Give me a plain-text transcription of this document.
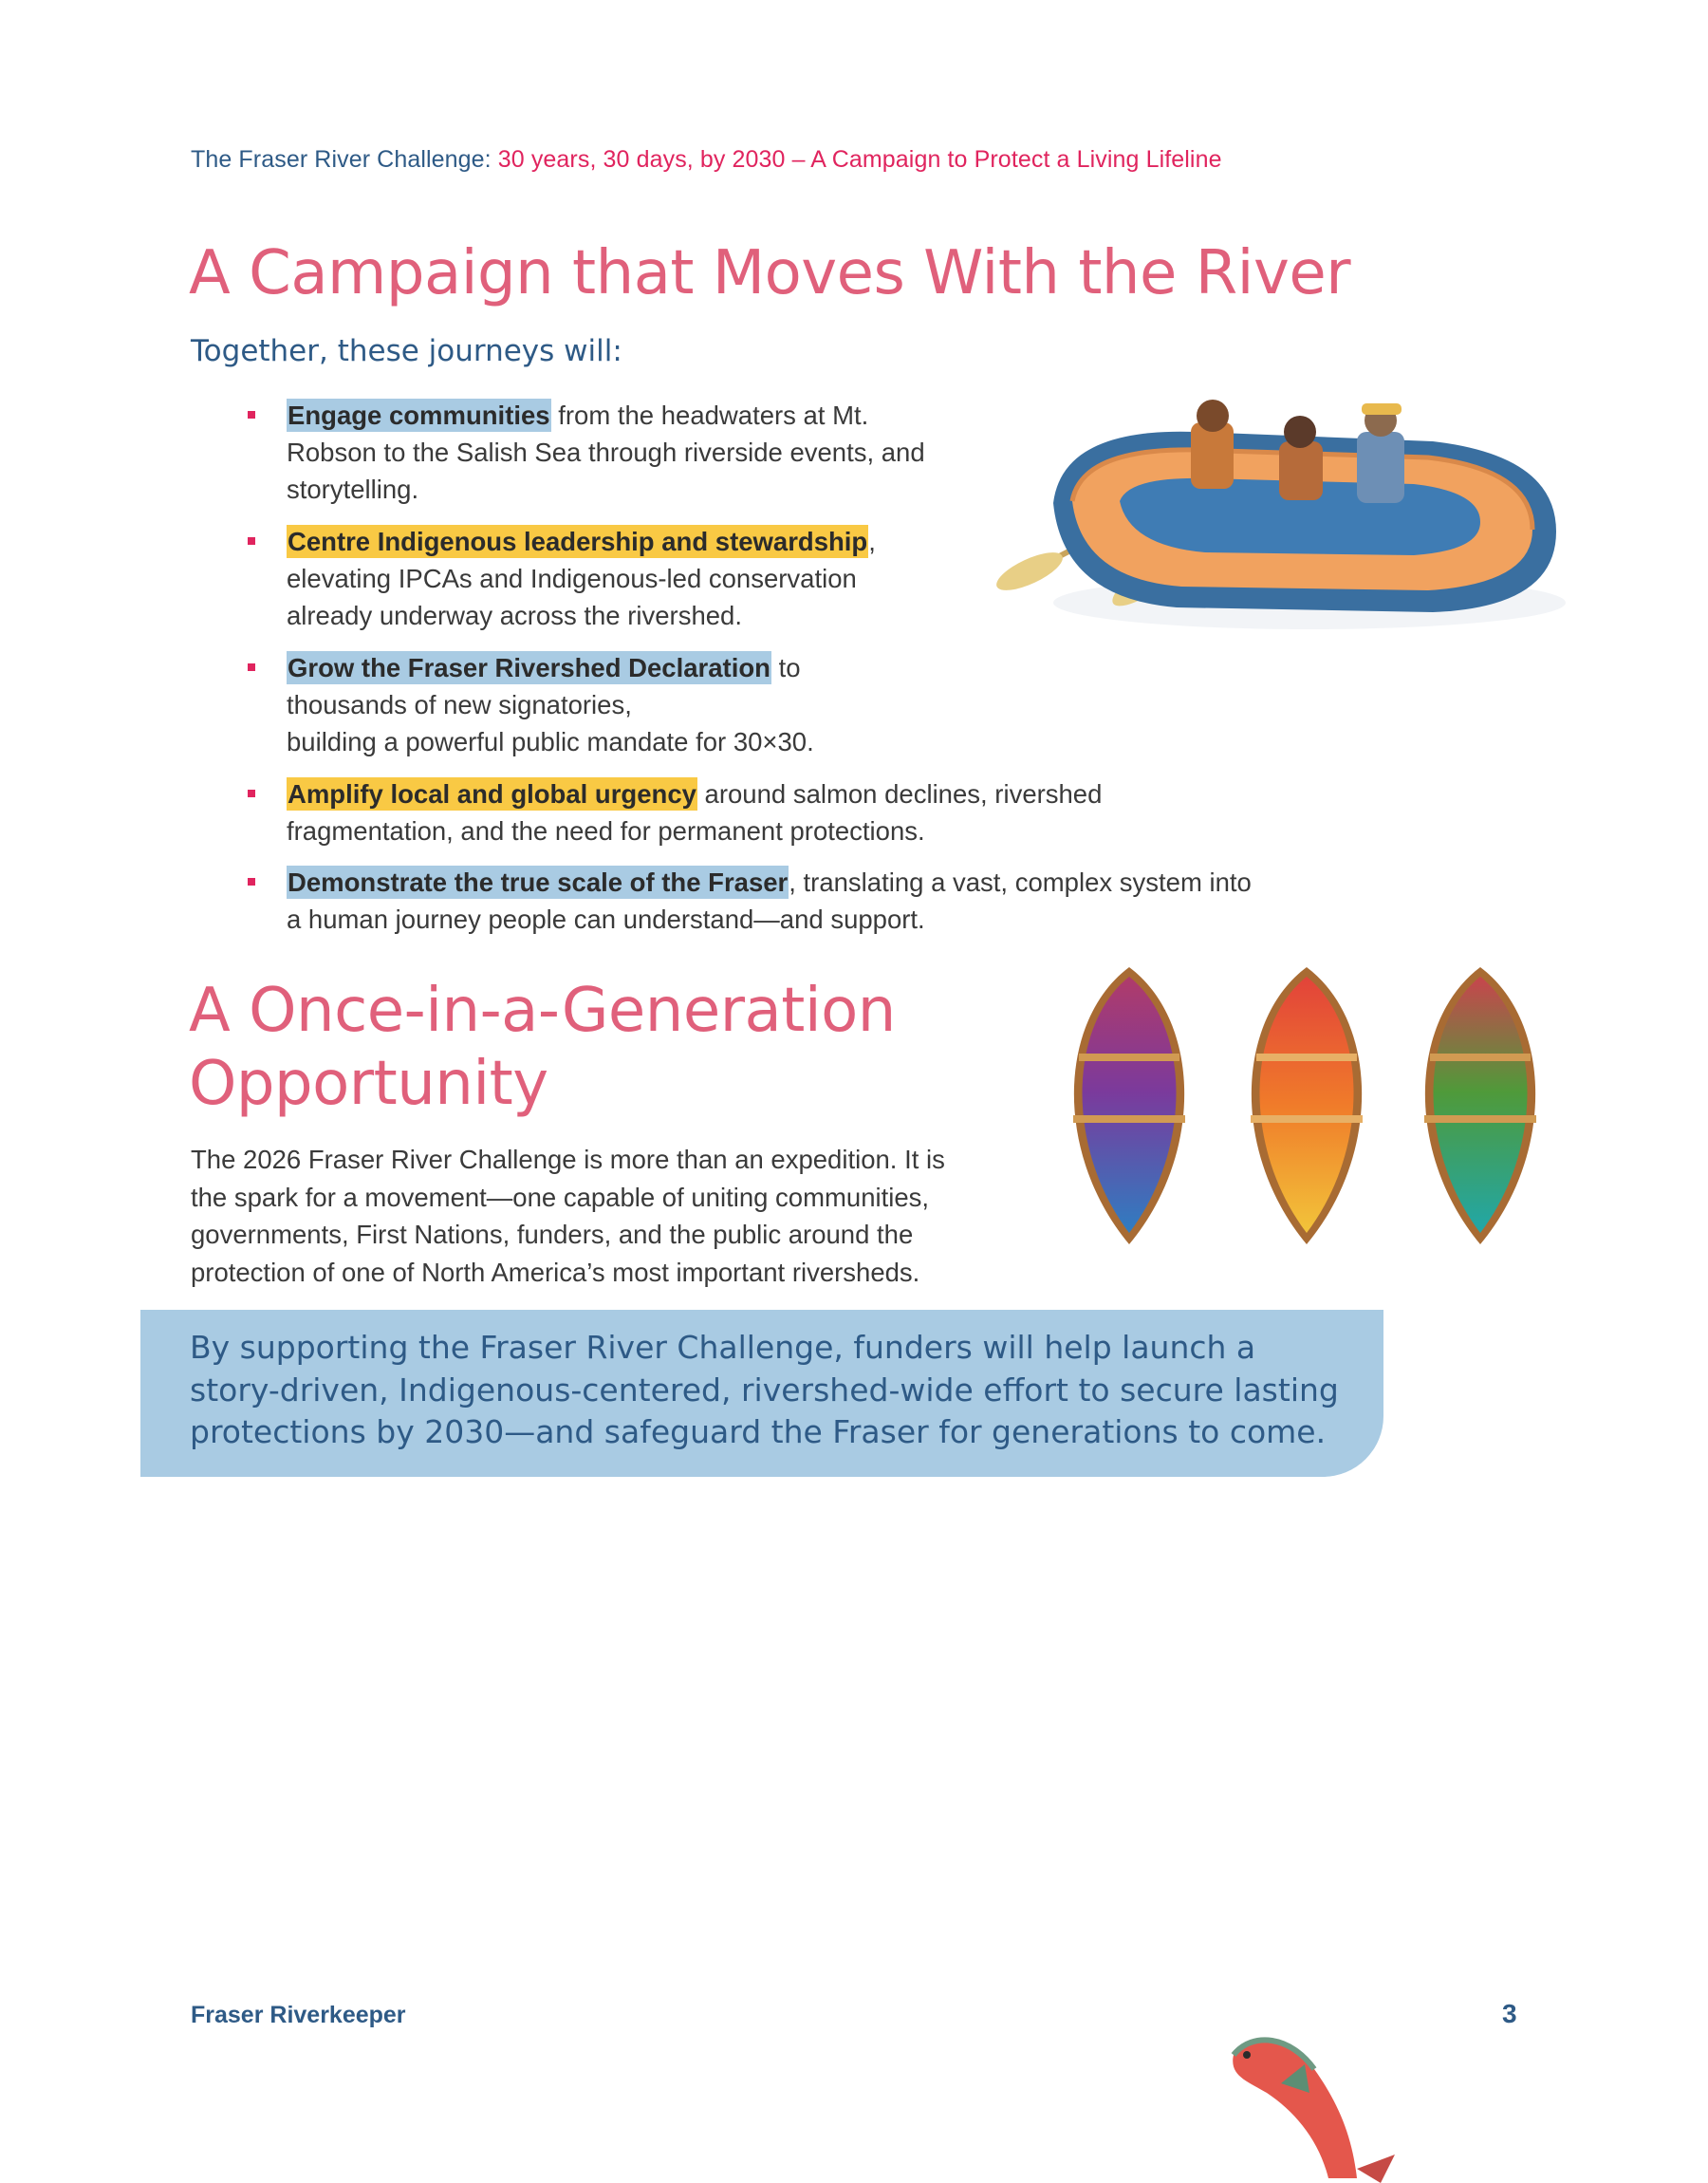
The Fraser River Challenge: 30 years, 30 days, by 2030 – A Campaign to Protect a Living Lifeline
A Campaign that Moves With the River
Together, these journeys will:
Engage communities from the headwaters at Mt.
Robson to the Salish Sea through riverside events, and
storytelling.
Centre Indigenous leadership and stewardship,
elevating IPCAs and Indigenous-led conservation
already underway across the rivershed.
Grow the Fraser Rivershed Declaration to
thousands of new signatories,
building a powerful public mandate for 30×30.
Amplify local and global urgency around salmon declines, rivershed
fragmentation, and the need for permanent protections.
Demonstrate the true scale of the Fraser, translating a vast, complex system into
a human journey people can understand—and support.
A Once-in-a-Generation
Opportunity
The 2026 Fraser River Challenge is more than an expedition. It is
the spark for a movement—one capable of uniting communities,
governments, First Nations, funders, and the public around the
protection of one of North America’s most important riversheds.
By supporting the Fraser River Challenge, funders will help launch a
story-driven, Indigenous-centered, rivershed-wide effort to secure lasting
protections by 2030—and safeguard the Fraser for generations to come.
Fraser Riverkeeper	3
